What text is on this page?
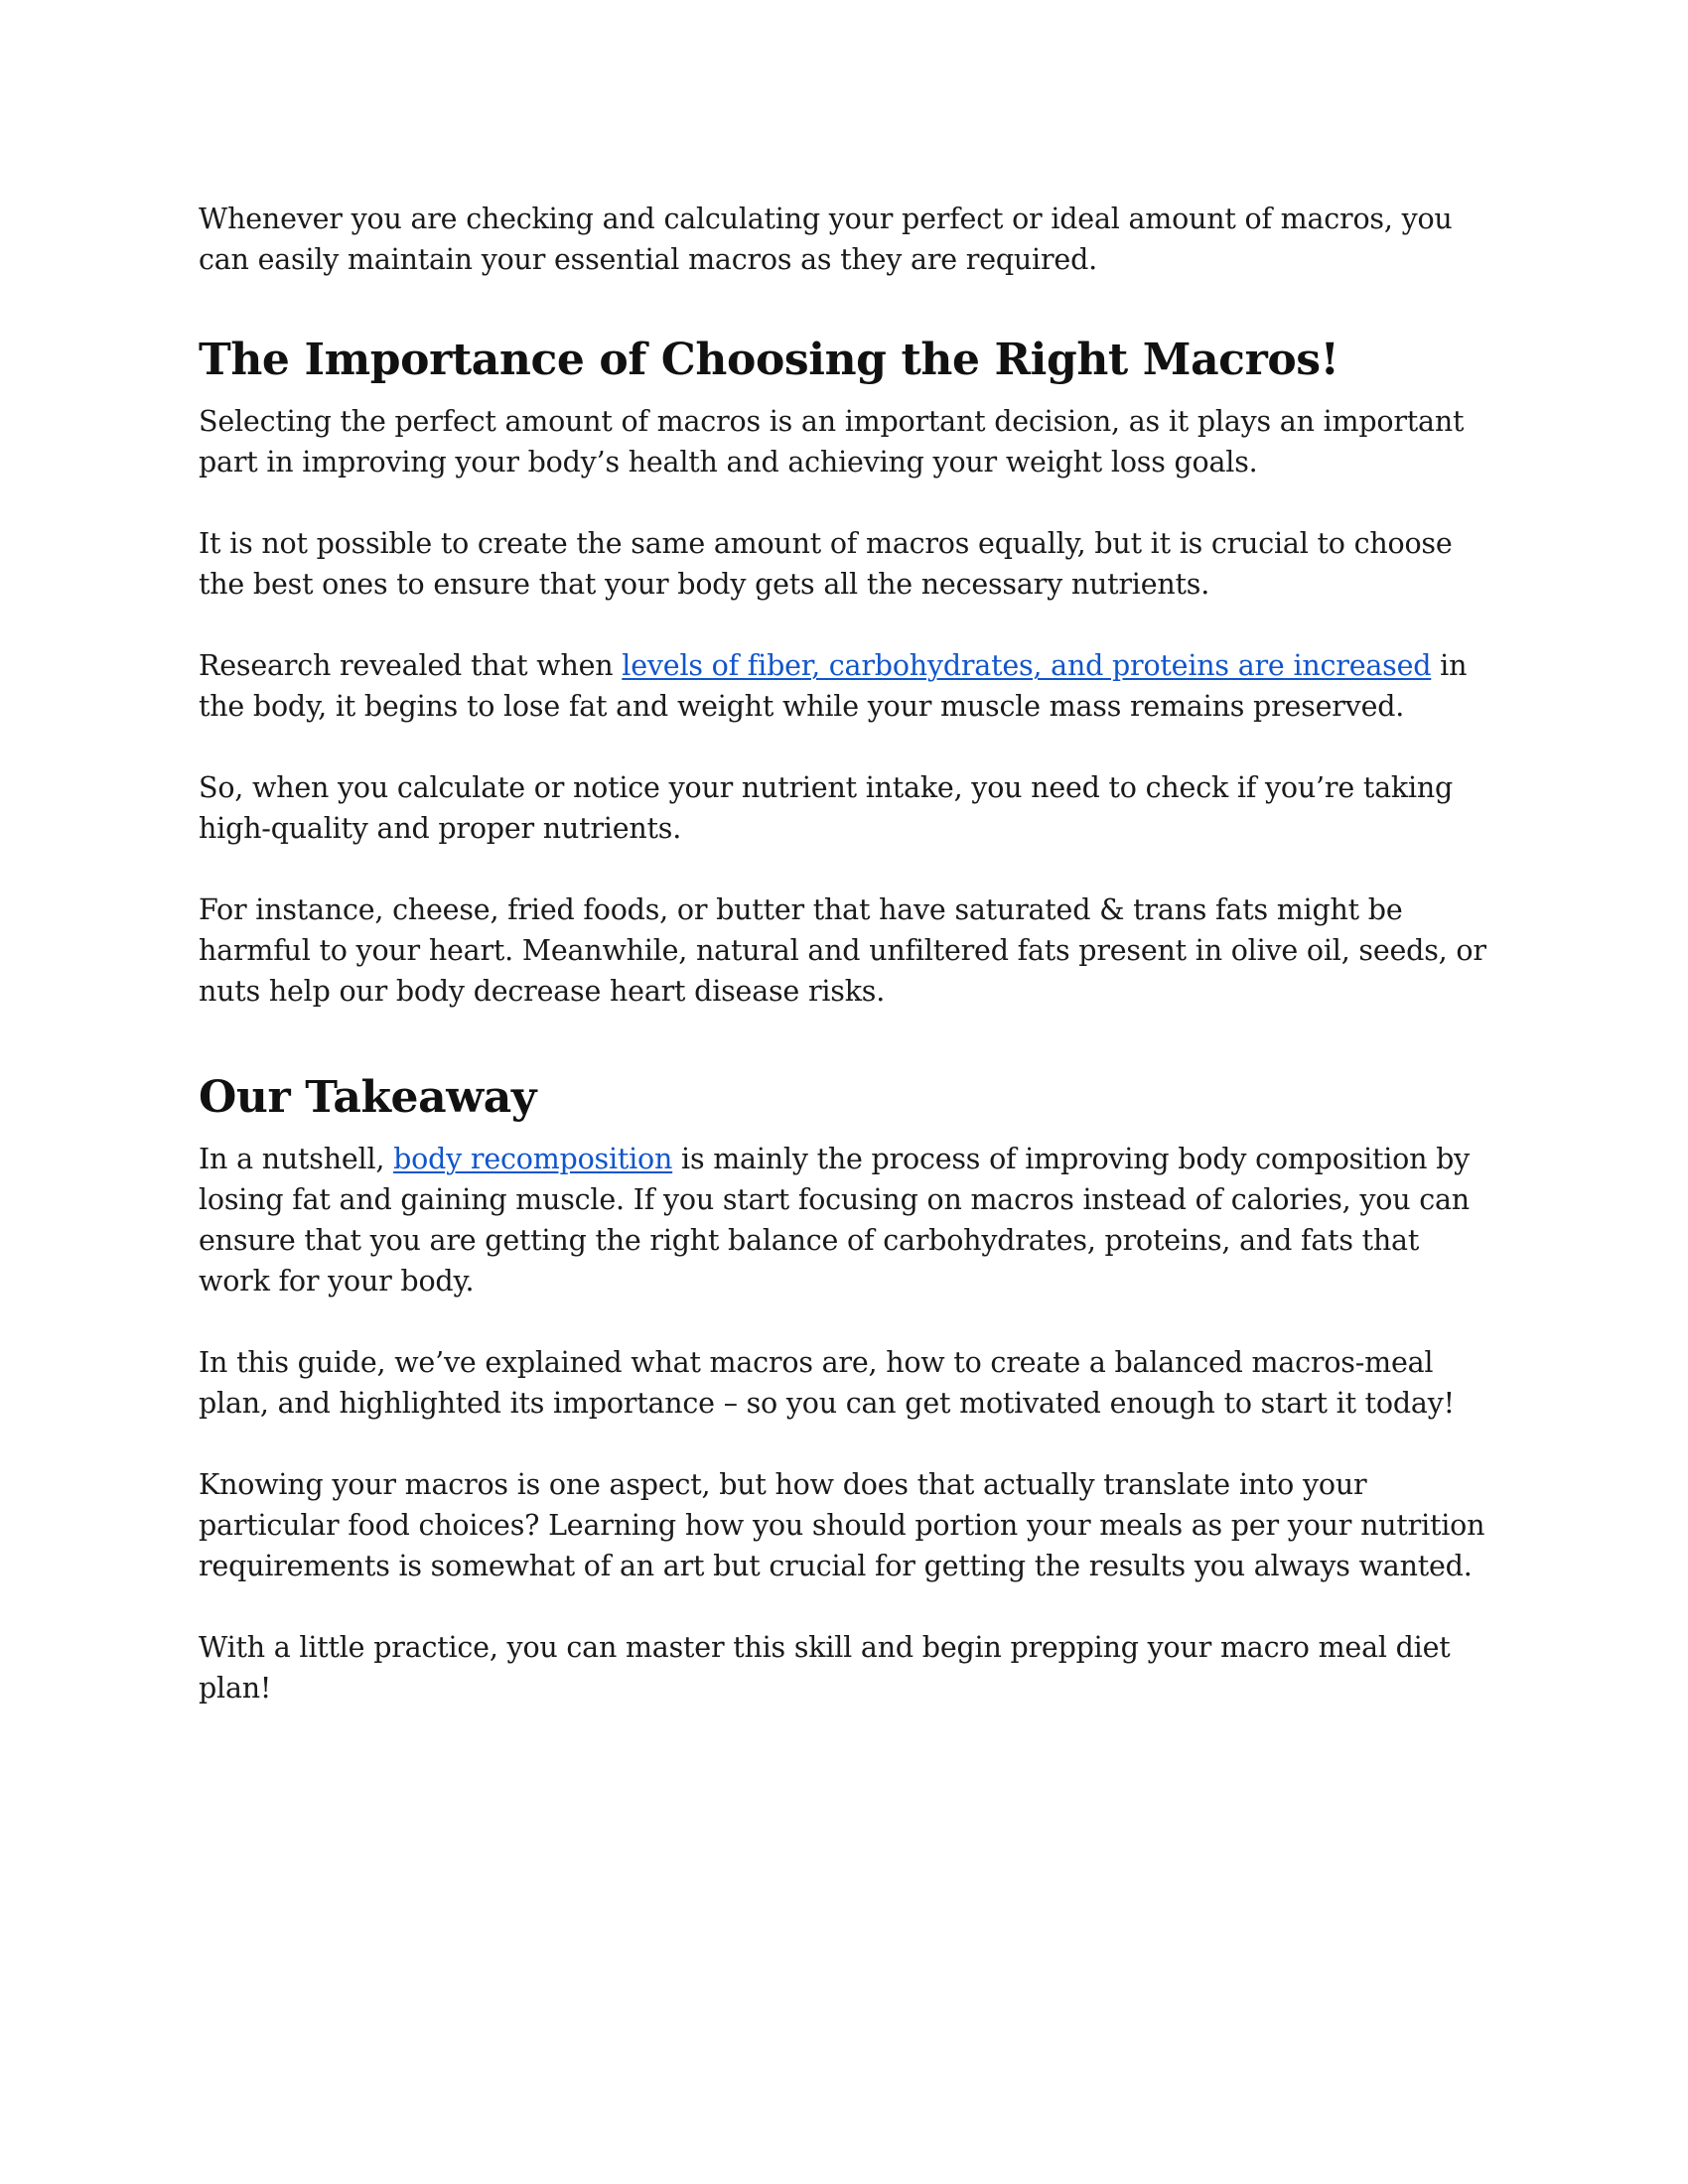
Whenever you are checking and calculating your perfect or ideal amount of macros, you can easily maintain your essential macros as they are required.

The Importance of Choosing the Right Macros!

Selecting the perfect amount of macros is an important decision, as it plays an important part in improving your body’s health and achieving your weight loss goals.

It is not possible to create the same amount of macros equally, but it is crucial to choose the best ones to ensure that your body gets all the necessary nutrients.

Research revealed that when levels of fiber, carbohydrates, and proteins are increased in the body, it begins to lose fat and weight while your muscle mass remains preserved.

So, when you calculate or notice your nutrient intake, you need to check if you’re taking high-quality and proper nutrients.

For instance, cheese, fried foods, or butter that have saturated & trans fats might be harmful to your heart. Meanwhile, natural and unfiltered fats present in olive oil, seeds, or nuts help our body decrease heart disease risks.

Our Takeaway

In a nutshell, body recomposition is mainly the process of improving body composition by losing fat and gaining muscle. If you start focusing on macros instead of calories, you can ensure that you are getting the right balance of carbohydrates, proteins, and fats that work for your body.

In this guide, we’ve explained what macros are, how to create a balanced macros-meal plan, and highlighted its importance – so you can get motivated enough to start it today!

Knowing your macros is one aspect, but how does that actually translate into your particular food choices? Learning how you should portion your meals as per your nutrition requirements is somewhat of an art but crucial for getting the results you always wanted.

With a little practice, you can master this skill and begin prepping your macro meal diet plan!
